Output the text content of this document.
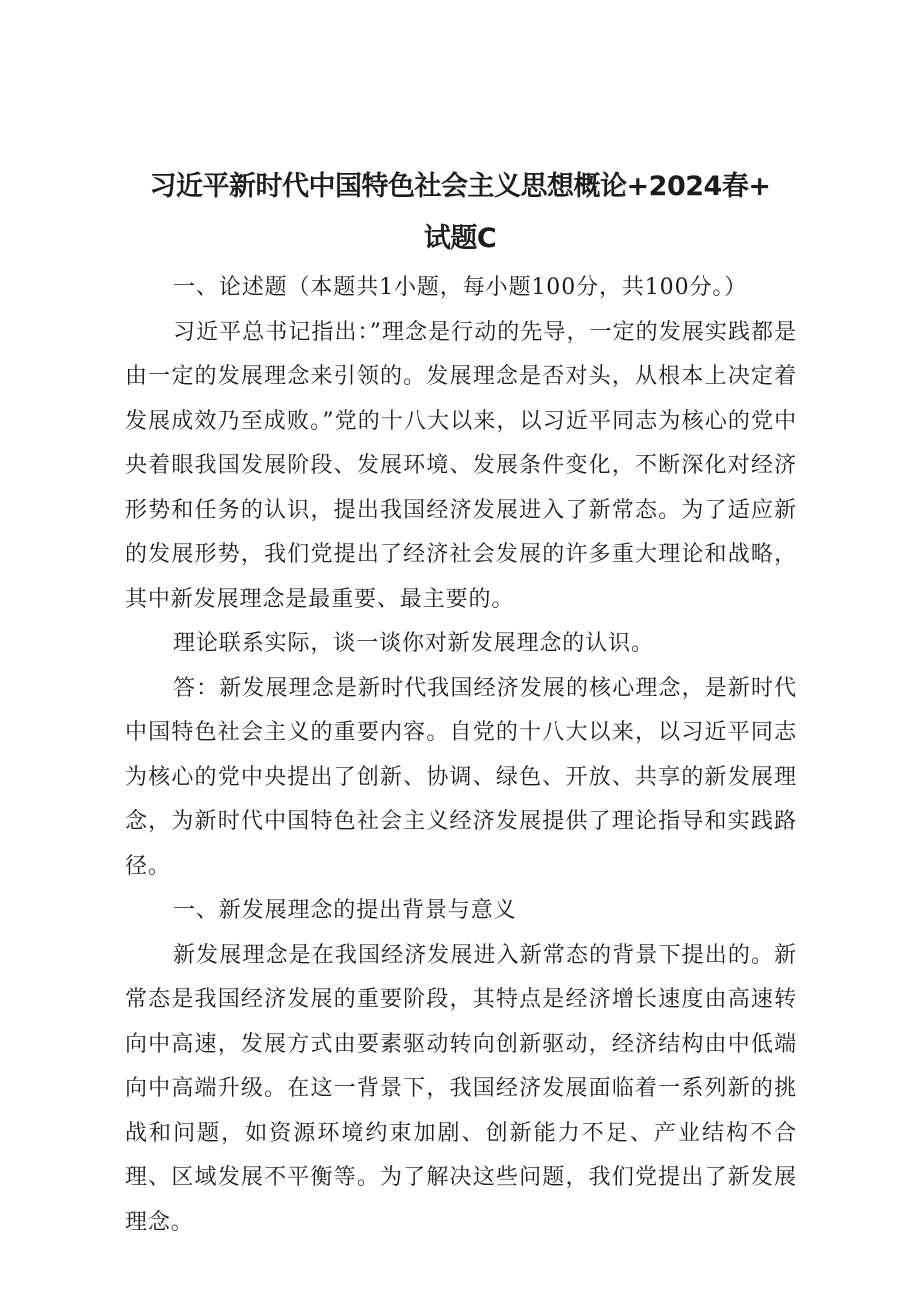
习近平新时代中国特色社会主义思想概论+2024春+
试题C

一、论述题（本题共1小题，每小题100分，共100分。）

习近平总书记指出：”理念是行动的先导，一定的发展实践都是由一定的发展理念来引领的。发展理念是否对头，从根本上决定着发展成效乃至成败。”党的十八大以来，以习近平同志为核心的党中央着眼我国发展阶段、发展环境、发展条件变化，不断深化对经济形势和任务的认识，提出我国经济发展进入了新常态。为了适应新的发展形势，我们党提出了经济社会发展的许多重大理论和战略，其中新发展理念是最重要、最主要的。

理论联系实际，谈一谈你对新发展理念的认识。

答：新发展理念是新时代我国经济发展的核心理念，是新时代中国特色社会主义的重要内容。自党的十八大以来，以习近平同志为核心的党中央提出了创新、协调、绿色、开放、共享的新发展理念，为新时代中国特色社会主义经济发展提供了理论指导和实践路径。

一、新发展理念的提出背景与意义

新发展理念是在我国经济发展进入新常态的背景下提出的。新常态是我国经济发展的重要阶段，其特点是经济增长速度由高速转向中高速，发展方式由要素驱动转向创新驱动，经济结构由中低端向中高端升级。在这一背景下，我国经济发展面临着一系列新的挑战和问题，如资源环境约束加剧、创新能力不足、产业结构不合理、区域发展不平衡等。为了解决这些问题，我们党提出了新发展理念。
